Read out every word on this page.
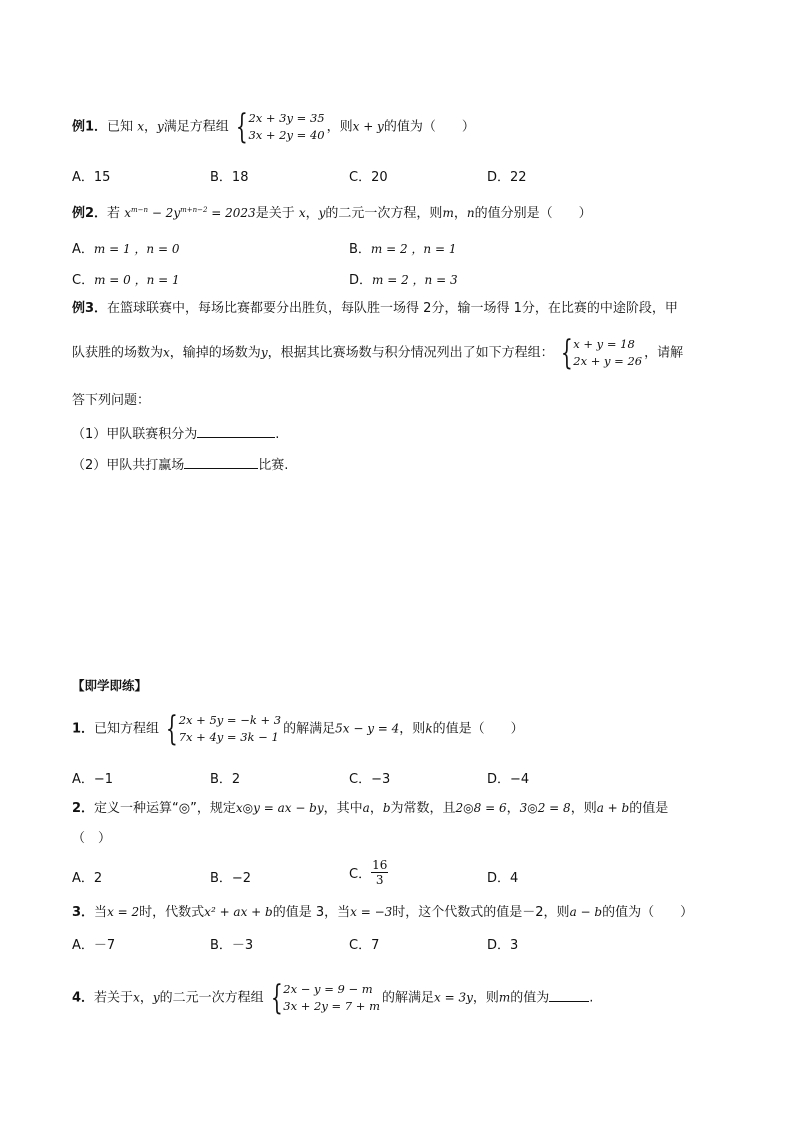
例1．已知 x，y满足方程组 { 2x + 3y = 35
3x + 2y = 40
，则x + y的值为（　　）
A．15	B．18	C．20	D．22
例2．若 $x^{m-n} - 2y^{m+n-2} = 2023$是关于 x，y的二元一次方程，则m，n的值分别是（　　）
A．m = 1 ，n = 0	B．m = 2 ，n = 1
C．m = 0 ，n = 1	D．m = 2 ，n = 3
例3．在篮球联赛中，每场比赛都要分出胜负，每队胜一场得 2分，输一场得 1分，在比赛的中途阶段，甲
队获胜的场数为x，输掉的场数为y，根据其比赛场数与积分情况列出了如下方程组： { x + y = 18
2x + y = 26
，请解
答下列问题：
（1）甲队联赛积分为	.
（2）甲队共打赢场	比赛.
【即学即练】
1．已知方程组 { 2x + 5y = −k + 3
7x + 4y = 3k − 1
的解满足5x − y = 4，则k的值是（　　）
A．−1	B．2	C．−3	D．−4
2．定义一种运算“◎”，规定x◎y = ax − by，其中a，b为常数，且2◎8 = 6，3◎2 = 8，则a + b的值是
（　）
A．2	B．−2	C． $\frac{16}{3}$	D．4
3．当x = 2时，代数式x² + ax + b的值是 3，当x = −3时，这个代数式的值是－2，则a − b的值为（　　）
A．－7	B．－3	C．7	D．3
4．若关于x，y的二元一次方程组 { 2x − y = 9 − m
3x + 2y = 7 + m
的解满足x = 3y，则m的值为	.
